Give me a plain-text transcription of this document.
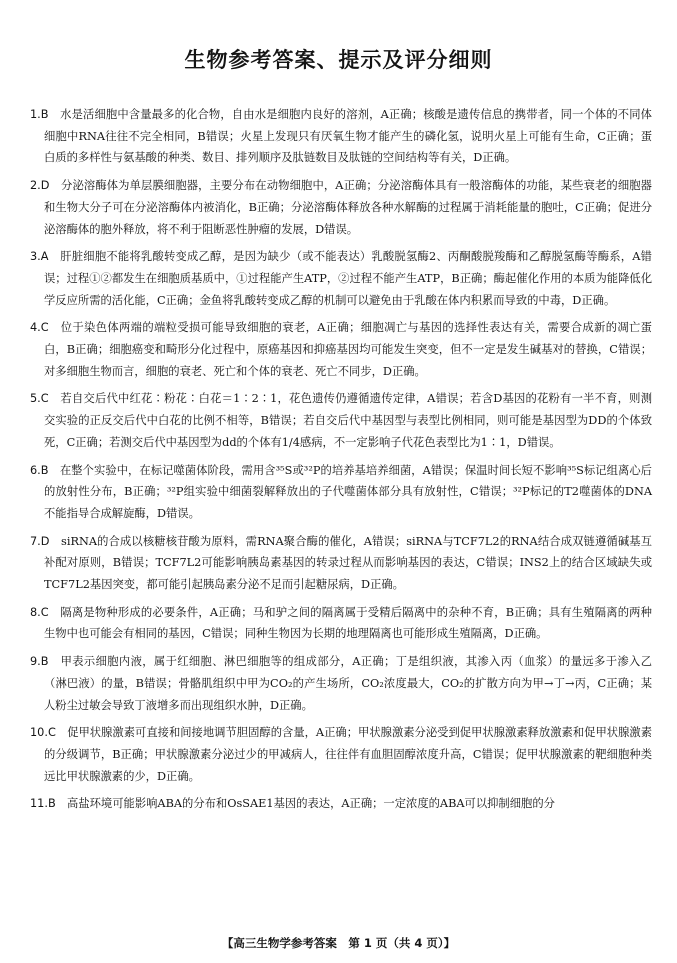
生物参考答案、提示及评分细则

1.B　 水是活细胞中含量最多的化合物，自由水是细胞内良好的溶剂，A正确；核酸是遗传信息的携带者，同一个体的不同体细胞中RNA往往不完全相同，B错误；火星上发现只有厌氧生物才能产生的磷化氢，说明火星上可能有生命，C正确；蛋白质的多样性与氨基酸的种类、数目、排列顺序及肽链数目及肽链的空间结构等有关，D正确。

2.D　 分泌溶酶体为单层膜细胞器，主要分布在动物细胞中，A正确；分泌溶酶体具有一般溶酶体的功能，某些衰老的细胞器和生物大分子可在分泌溶酶体内被消化，B正确；分泌溶酶体释放各种水解酶的过程属于消耗能量的胞吐，C正确；促进分泌溶酶体的胞外释放，将不利于阻断恶性肿瘤的发展，D错误。

3.A　 肝脏细胞不能将乳酸转变成乙醇，是因为缺少（或不能表达）乳酸脱氢酶2、丙酮酸脱羧酶和乙醇脱氢酶等酶系，A错误；过程①②都发生在细胞质基质中，①过程能产生ATP，②过程不能产生ATP，B正确；酶起催化作用的本质为能降低化学反应所需的活化能，C正确；金鱼将乳酸转变成乙醇的机制可以避免由于乳酸在体内积累而导致的中毒，D正确。

4.C　 位于染色体两端的端粒受损可能导致细胞的衰老，A正确；细胞凋亡与基因的选择性表达有关，需要合成新的凋亡蛋白，B正确；细胞癌变和畸形分化过程中，原癌基因和抑癌基因均可能发生突变，但不一定是发生碱基对的替换，C错误；对多细胞生物而言，细胞的衰老、死亡和个体的衰老、死亡不同步，D正确。

5.C　 若自交后代中红花∶粉花∶白花＝1∶2∶1，花色遗传仍遵循遗传定律，A错误；若含D基因的花粉有一半不育，则测交实验的正反交后代中白花的比例不相等，B错误；若自交后代中基因型与表型比例相同，则可能是基因型为DD的个体致死，C正确；若测交后代中基因型为dd的个体有1/4感病，不一定影响子代花色表型比为1∶1，D错误。

6.B　 在整个实验中，在标记噬菌体阶段，需用含³⁵S或³²P的培养基培养细菌，A错误；保温时间长短不影响³⁵S标记组离心后的放射性分布，B正确；³²P组实验中细菌裂解释放出的子代噬菌体部分具有放射性，C错误；³²P标记的T2噬菌体的DNA不能指导合成解旋酶，D错误。

7.D　 siRNA的合成以核糖核苷酸为原料，需RNA聚合酶的催化，A错误；siRNA与TCF7L2的RNA结合成双链遵循碱基互补配对原则，B错误；TCF7L2可能影响胰岛素基因的转录过程从而影响基因的表达，C错误；INS2上的结合区域缺失或TCF7L2基因突变，都可能引起胰岛素分泌不足而引起糖尿病，D正确。

8.C　 隔离是物种形成的必要条件，A正确；马和驴之间的隔离属于受精后隔离中的杂种不育，B正确；具有生殖隔离的两种生物中也可能会有相同的基因，C错误；同种生物因为长期的地理隔离也可能形成生殖隔离，D正确。

9.B　 甲表示细胞内液，属于红细胞、淋巴细胞等的组成部分，A正确；丁是组织液，其渗入丙（血浆）的量远多于渗入乙（淋巴液）的量，B错误；骨骼肌组织中甲为CO₂的产生场所，CO₂浓度最大，CO₂的扩散方向为甲→丁→丙，C正确；某人粉尘过敏会导致丁液增多而出现组织水肿，D正确。

10.C　 促甲状腺激素可直接和间接地调节胆固醇的含量，A正确；甲状腺激素分泌受到促甲状腺激素释放激素和促甲状腺激素的分级调节，B正确；甲状腺激素分泌过少的甲减病人，往往伴有血胆固醇浓度升高，C错误；促甲状腺激素的靶细胞种类远比甲状腺激素的少，D正确。

11.B　 高盐环境可能影响ABA的分布和OsSAE1基因的表达，A正确；一定浓度的ABA可以抑制细胞的分

【高三生物学参考答案　第 1 页（共 4 页）】
